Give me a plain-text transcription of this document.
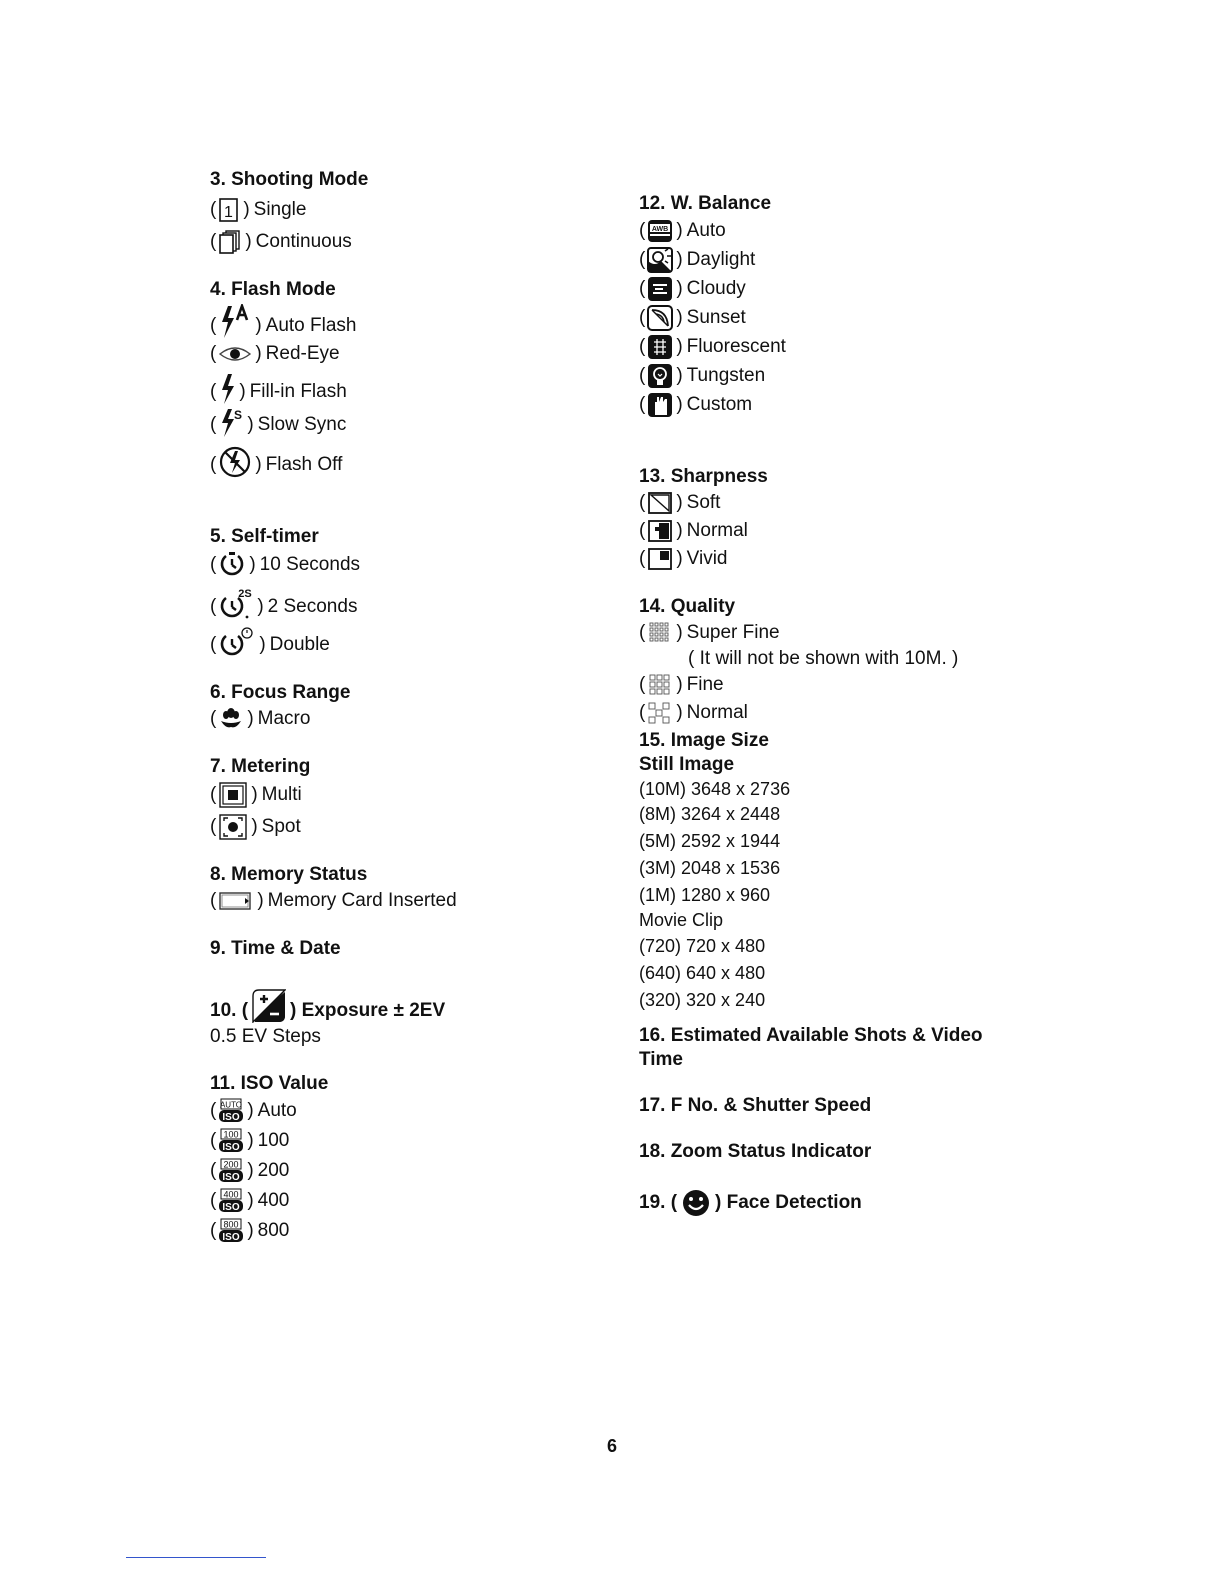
3. Shooting Mode
( 1 ) Single
( ) Continuous
4. Flash Mode
( ) Auto Flash
( ) Red-Eye
( ) Fill-in Flash
( S ) Slow Sync
( ) Flash Off
5. Self-timer
( ) 10 Seconds
(
2S
) 2 Seconds
( ) Double
6. Focus Range
( ) Macro
7. Metering
( ) Multi
( ) Spot
8. Memory Status
( ) Memory Card Inserted
9. Time & Date
10. ( ) Exposure ± 2EV
0.5 EV Steps
11. ISO Value
( AUTO
ISO ) Auto
( 100
ISO ) 100
( 200
ISO ) 200
( 400
ISO ) 400
( 800
ISO ) 800
12. W. Balance
( AWB ) Auto
( ) Daylight
( ) Cloudy
( ) Sunset
( ) Fluorescent
( ) Tungsten
( ) Custom
13. Sharpness
( ) Soft
( ) Normal
( ) Vivid
14. Quality
( ) Super Fine
( It will not be shown with 10M. )
( ) Fine
( ) Normal
15. Image Size
Still Image
(10M) 3648 x 2736
(8M) 3264 x 2448
(5M) 2592 x 1944
(3M) 2048 x 1536
(1M) 1280 x 960
Movie Clip
(720) 720 x 480
(640) 640 x 480
(320) 320 x 240
16. Estimated Available Shots & Video
Time
17. F No. & Shutter Speed
18. Zoom Status Indicator
19. ( ) Face Detection
6
